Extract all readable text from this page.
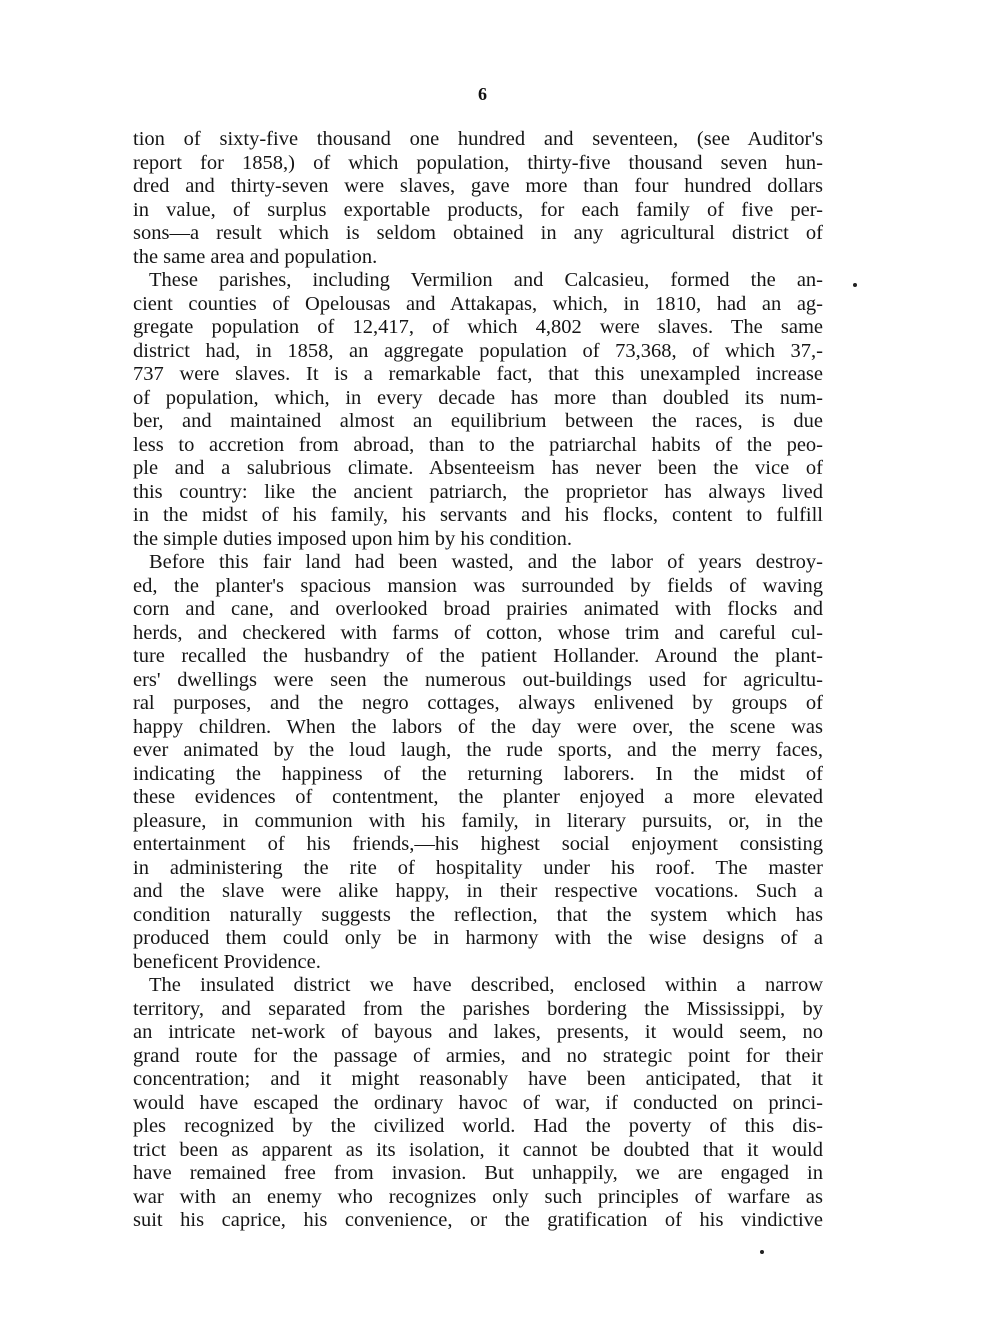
6
tion of sixty-five thousand one hundred and seventeen, (see Auditor's
report for 1858,) of which population, thirty-five thousand seven hun-
dred and thirty-seven were slaves, gave more than four hundred dollars
in value, of surplus exportable products, for each family of five per-
sons—a result which is seldom obtained in any agricultural district of
the same area and population.
These parishes, including Vermilion and Calcasieu, formed the an-
cient counties of Opelousas and Attakapas, which, in 1810, had an ag-
gregate population of 12,417, of which 4,802 were slaves. The same
district had, in 1858, an aggregate population of 73,368, of which 37,-
737 were slaves. It is a remarkable fact, that this unexampled increase
of population, which, in every decade has more than doubled its num-
ber, and maintained almost an equilibrium between the races, is due
less to accretion from abroad, than to the patriarchal habits of the peo-
ple and a salubrious climate. Absenteeism has never been the vice of
this country: like the ancient patriarch, the proprietor has always lived
in the midst of his family, his servants and his flocks, content to fulfill
the simple duties imposed upon him by his condition.
Before this fair land had been wasted, and the labor of years destroy-
ed, the planter's spacious mansion was surrounded by fields of waving
corn and cane, and overlooked broad prairies animated with flocks and
herds, and checkered with farms of cotton, whose trim and careful cul-
ture recalled the husbandry of the patient Hollander. Around the plant-
ers' dwellings were seen the numerous out-buildings used for agricultu-
ral purposes, and the negro cottages, always enlivened by groups of
happy children. When the labors of the day were over, the scene was
ever animated by the loud laugh, the rude sports, and the merry faces,
indicating the happiness of the returning laborers. In the midst of
these evidences of contentment, the planter enjoyed a more elevated
pleasure, in communion with his family, in literary pursuits, or, in the
entertainment of his friends,—his highest social enjoyment consisting
in administering the rite of hospitality under his roof. The master
and the slave were alike happy, in their respective vocations. Such a
condition naturally suggests the reflection, that the system which has
produced them could only be in harmony with the wise designs of a
beneficent Providence.
The insulated district we have described, enclosed within a narrow
territory, and separated from the parishes bordering the Mississippi, by
an intricate net-work of bayous and lakes, presents, it would seem, no
grand route for the passage of armies, and no strategic point for their
concentration; and it might reasonably have been anticipated, that it
would have escaped the ordinary havoc of war, if conducted on princi-
ples recognized by the civilized world. Had the poverty of this dis-
trict been as apparent as its isolation, it cannot be doubted that it would
have remained free from invasion. But unhappily, we are engaged in
war with an enemy who recognizes only such principles of warfare as
suit his caprice, his convenience, or the gratification of his vindictive
